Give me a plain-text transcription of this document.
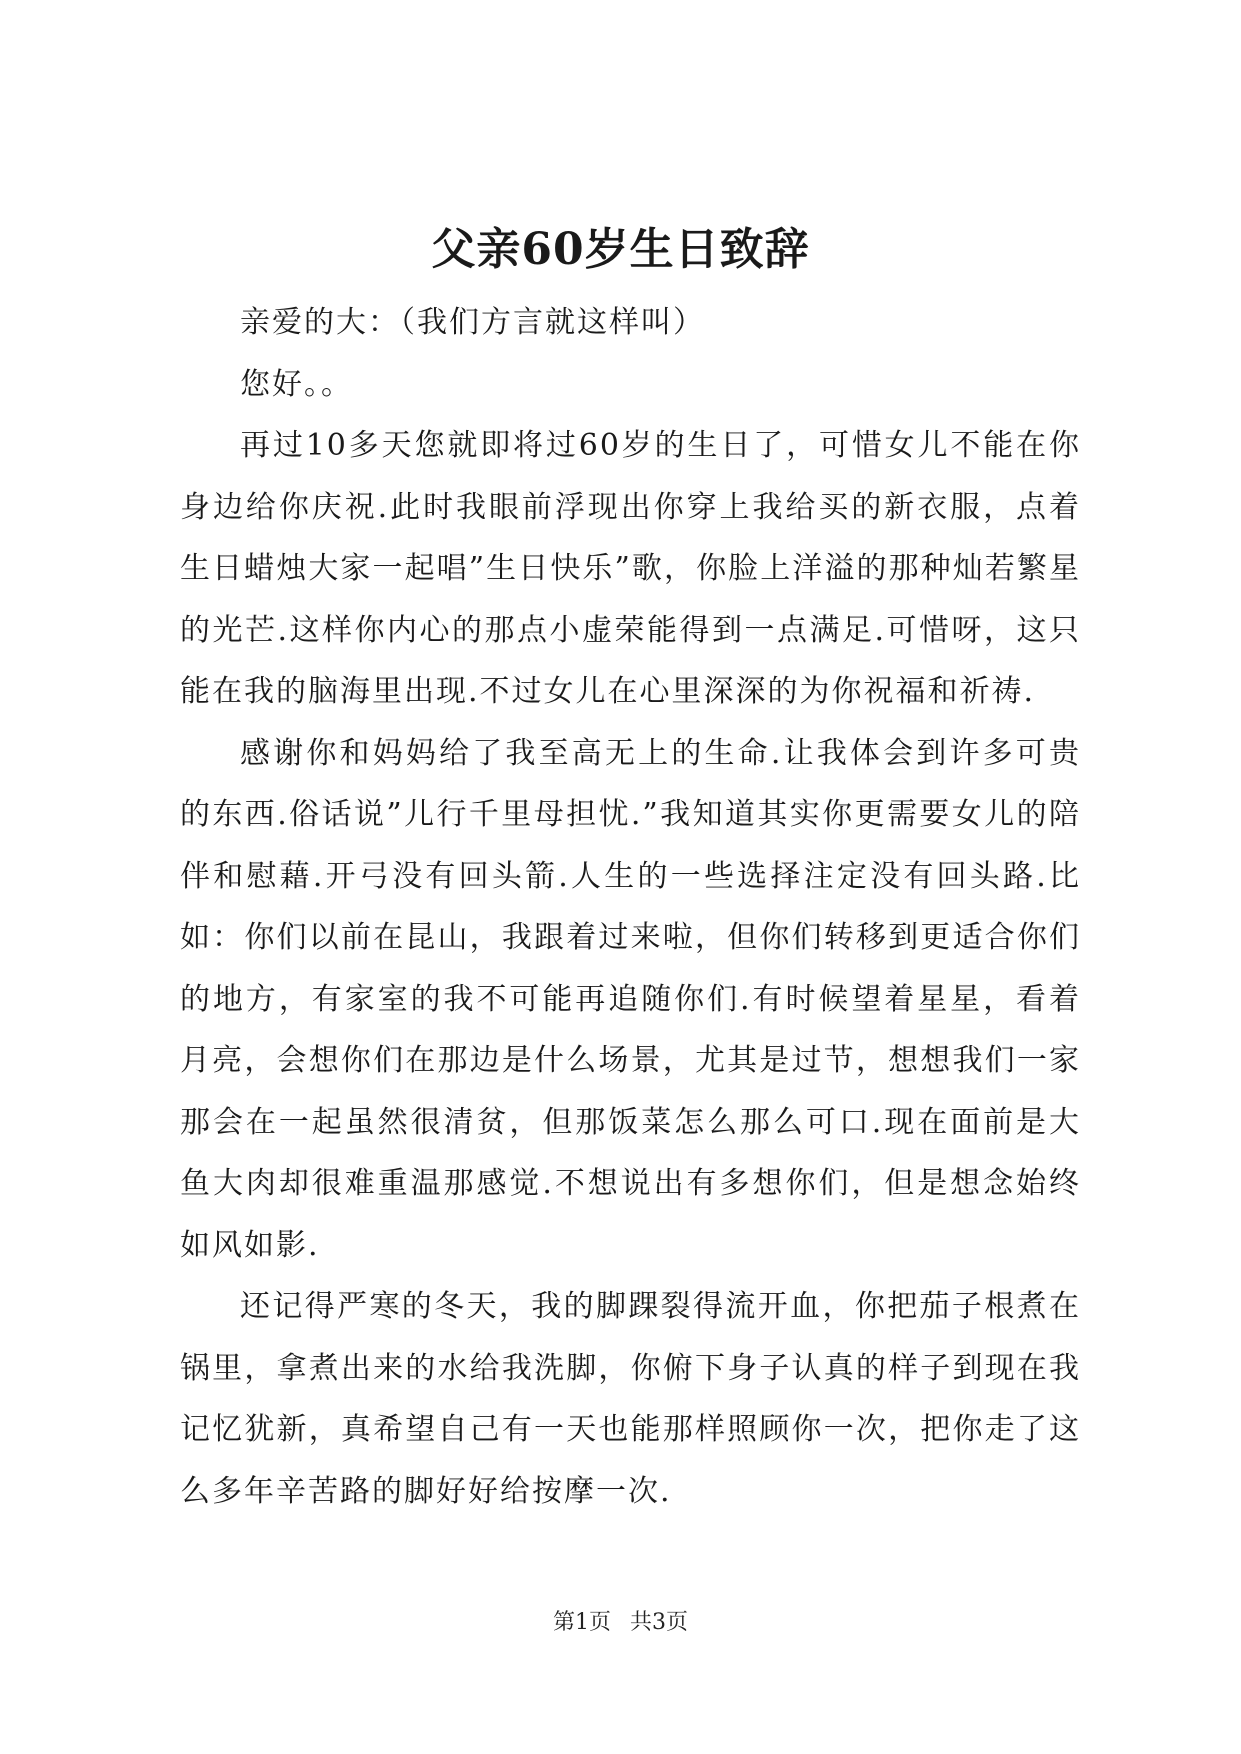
父亲60岁生日致辞

亲爱的大：（我们方言就这样叫）

您好。。

再过10多天您就即将过60岁的生日了，可惜女儿不能在你身边给你庆祝.此时我眼前浮现出你穿上我给买的新衣服，点着生日蜡烛大家一起唱”生日快乐”歌，你脸上洋溢的那种灿若繁星的光芒.这样你内心的那点小虚荣能得到一点满足.可惜呀，这只能在我的脑海里出现.不过女儿在心里深深的为你祝福和祈祷.

感谢你和妈妈给了我至高无上的生命.让我体会到许多可贵的东西.俗话说”儿行千里母担忧.”我知道其实你更需要女儿的陪伴和慰藉.开弓没有回头箭.人生的一些选择注定没有回头路.比如：你们以前在昆山，我跟着过来啦，但你们转移到更适合你们的地方，有家室的我不可能再追随你们.有时候望着星星，看着月亮，会想你们在那边是什么场景，尤其是过节，想想我们一家那会在一起虽然很清贫，但那饭菜怎么那么可口.现在面前是大鱼大肉却很难重温那感觉.不想说出有多想你们，但是想念始终如风如影.

还记得严寒的冬天，我的脚踝裂得流开血，你把茄子根煮在锅里，拿煮出来的水给我洗脚，你俯下身子认真的样子到现在我记忆犹新，真希望自己有一天也能那样照顾你一次，把你走了这么多年辛苦路的脚好好给按摩一次.

第1页 共3页
